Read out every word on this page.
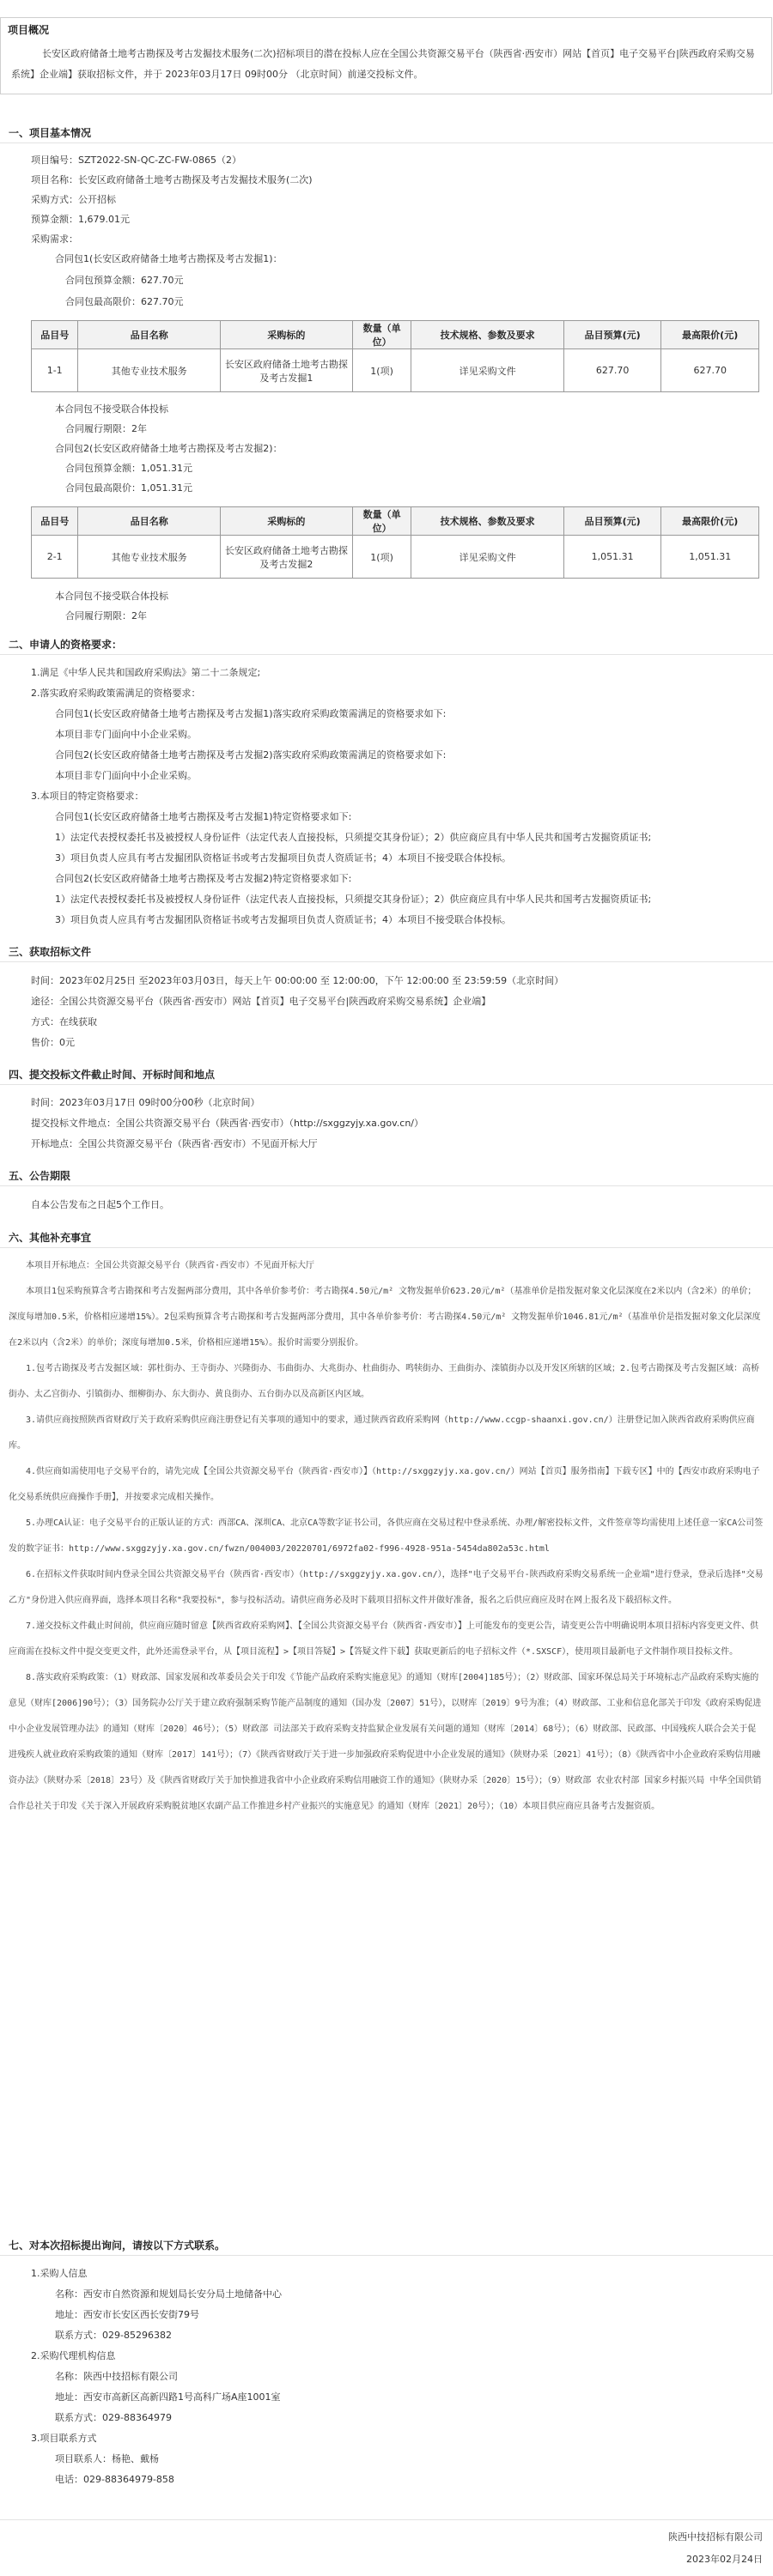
项目概况
长安区政府储备土地考古勘探及考古发掘技术服务(二次)招标项目的潜在投标人应在全国公共资源交易平台（陕西省·西安市）网站【首页】电子交易平台|陕西政府采购交易系统】企业端】获取招标文件，并于 2023年03月17日 09时00分 （北京时间）前递交投标文件。
一、项目基本情况
项目编号：SZT2022-SN-QC-ZC-FW-0865（2）
项目名称：长安区政府储备土地考古勘探及考古发掘技术服务(二次)
采购方式：公开招标
预算金额：1,679.01元
采购需求：
合同包1(长安区政府储备土地考古勘探及考古发掘1)：
合同包预算金额：627.70元
合同包最高限价：627.70元
品目号	品目名称	采购标的	数量（单位）	技术规格、参数及要求	品目预算(元)	最高限价(元)
1-1	其他专业技术服务	长安区政府储备土地考古勘探及考古发掘1	1(项)	详见采购文件	627.70	627.70
本合同包不接受联合体投标
合同履行期限：2年
合同包2(长安区政府储备土地考古勘探及考古发掘2)：
合同包预算金额：1,051.31元
合同包最高限价：1,051.31元
品目号	品目名称	采购标的	数量（单位）	技术规格、参数及要求	品目预算(元)	最高限价(元)
2-1	其他专业技术服务	长安区政府储备土地考古勘探及考古发掘2	1(项)	详见采购文件	1,051.31	1,051.31
本合同包不接受联合体投标
合同履行期限：2年
二、申请人的资格要求：
1.满足《中华人民共和国政府采购法》第二十二条规定;
2.落实政府采购政策需满足的资格要求：
合同包1(长安区政府储备土地考古勘探及考古发掘1)落实政府采购政策需满足的资格要求如下:
本项目非专门面向中小企业采购。
合同包2(长安区政府储备土地考古勘探及考古发掘2)落实政府采购政策需满足的资格要求如下:
本项目非专门面向中小企业采购。
3.本项目的特定资格要求：
合同包1(长安区政府储备土地考古勘探及考古发掘1)特定资格要求如下:
1）法定代表授权委托书及被授权人身份证件（法定代表人直接投标，只须提交其身份证）；2）供应商应具有中华人民共和国考古发掘资质证书;
3）项目负责人应具有考古发掘团队资格证书或考古发掘项目负责人资质证书；4）本项目不接受联合体投标。
合同包2(长安区政府储备土地考古勘探及考古发掘2)特定资格要求如下:
1）法定代表授权委托书及被授权人身份证件（法定代表人直接投标，只须提交其身份证）；2）供应商应具有中华人民共和国考古发掘资质证书;
3）项目负责人应具有考古发掘团队资格证书或考古发掘项目负责人资质证书；4）本项目不接受联合体投标。
三、获取招标文件
时间：2023年02月25日 至2023年03月03日，每天上午 00:00:00 至 12:00:00，下午 12:00:00 至 23:59:59（北京时间）
途径：全国公共资源交易平台（陕西省·西安市）网站【首页】电子交易平台|陕西政府采购交易系统】企业端】
方式：在线获取
售价：0元
四、提交投标文件截止时间、开标时间和地点
时间：2023年03月17日 09时00分00秒（北京时间）
提交投标文件地点：全国公共资源交易平台（陕西省·西安市）（http://sxggzyjy.xa.gov.cn/）
开标地点：全国公共资源交易平台（陕西省·西安市）不见面开标大厅
五、公告期限
自本公告发布之日起5个工作日。
六、其他补充事宜

本项目开标地点：全国公共资源交易平台（陕西省·西安市）不见面开标大厅

本项目1包采购预算含考古勘探和考古发掘两部分费用，其中各单价参考价：考古勘探4.50元/m² 文物发掘单价623.20元/m²（基准单价是指发掘对象文化层深度在2米以内（含2米）的单价；深度每增加0.5米，价格相应递增15%）。2包采购预算含考古勘探和考古发掘两部分费用，其中各单价参考价：考古勘探4.50元/m² 文物发掘单价1046.81元/m²（基准单价是指发掘对象文化层深度在2米以内（含2米）的单价；深度每增加0.5米，价格相应递增15%）。报价时需要分别报价。

1.包考古勘探及考古发掘区域：郭杜街办、王寺街办、兴隆街办、韦曲街办、大兆街办、杜曲街办、鸣犊街办、王曲街办、滦镇街办以及开发区所辖的区域；2.包考古勘探及考古发掘区域：高桥街办、太乙宫街办、引镇街办、细柳街办、东大街办、黄良街办、五台街办以及高新区内区域。

3.请供应商按照陕西省财政厅关于政府采购供应商注册登记有关事项的通知中的要求，通过陕西省政府采购网（http://www.ccgp-shaanxi.gov.cn/）注册登记加入陕西省政府采购供应商库。

4.供应商如需使用电子交易平台的，请先完成【全国公共资源交易平台（陕西省·西安市）】（http://sxggzyjy.xa.gov.cn/）网站【首页】服务指南】下载专区】中的【西安市政府采购电子化交易系统供应商操作手册】，并按要求完成相关操作。

5.办理CA认证：电子交易平台的正版认证的方式：西部CA、深圳CA、北京CA等数字证书公司，各供应商在交易过程中登录系统、办理/解密投标文件，文件签章等均需使用上述任意一家CA公司签发的数字证书：http://www.sxggzyjy.xa.gov.cn/fwzn/004003/20220701/6972fa02-f996-4928-951a-5454da802a53c.html

6.在招标文件获取时间内登录全国公共资源交易平台（陕西省·西安市）（http://sxggzyjy.xa.gov.cn/），选择"电子交易平台-陕西政府采购交易系统一企业端"进行登录，登录后选择"交易乙方"身份进入供应商界面，选择本项目名称"我要投标"，参与投标活动。请供应商务必及时下载项目招标文件并做好准备，报名之后供应商应及时在网上报名及下载招标文件。

7.递交投标文件截止时间前，供应商应随时留意【陕西省政府采购网】、【全国公共资源交易平台（陕西省·西安市）】上可能发布的变更公告，请变更公告中明确说明本项目招标内容变更文件、供应商需在投标文件中提交变更文件，此外还需登录平台，从【项目流程】>【项目答疑】>【答疑文件下载】获取更新后的电子招标文件（*.SXSCF），使用项目最新电子文件制作项目投标文件。

8.落实政府采购政策：（1）财政部、国家发展和改革委员会关于印发《节能产品政府采购实施意见》的通知（财库[2004]185号）；（2）财政部、国家环保总局关于环境标志产品政府采购实施的意见（财库[2006]90号）；（3）国务院办公厅关于建立政府强制采购节能产品制度的通知（国办发〔2007〕51号），以财库〔2019〕9号为准；（4）财政部、工业和信息化部关于印发《政府采购促进中小企业发展管理办法》的通知（财库〔2020〕46号）；（5）财政部 司法部关于政府采购支持监狱企业发展有关问题的通知（财库〔2014〕68号）；（6）财政部、民政部、中国残疾人联合会关于促进残疾人就业政府采购政策的通知（财库〔2017〕141号）；（7）《陕西省财政厅关于进一步加强政府采购促进中小企业发展的通知》（陕财办采〔2021〕41号）；（8）《陕西省中小企业政府采购信用融资办法》（陕财办采〔2018〕23号）及《陕西省财政厅关于加快推进我省中小企业政府采购信用融资工作的通知》（陕财办采〔2020〕15号）；（9）财政部 农业农村部 国家乡村振兴局 中华全国供销合作总社关于印发《关于深入开展政府采购脱贫地区农副产品工作推进乡村产业振兴的实施意见》的通知（财库〔2021〕20号）；（10）本项目供应商应具备考古发掘资质。

七、对本次招标提出询问，请按以下方式联系。
1.采购人信息
名称：西安市自然资源和规划局长安分局土地储备中心
地址：西安市长安区西长安街79号
联系方式：029-85296382
2.采购代理机构信息
名称：陕西中技招标有限公司
地址：西安市高新区高新四路1号高科广场A座1001室
联系方式：029-88364979
3.项目联系方式
项目联系人：杨艳、戴杨
电话：029-88364979-858
陕西中技招标有限公司
2023年02月24日
